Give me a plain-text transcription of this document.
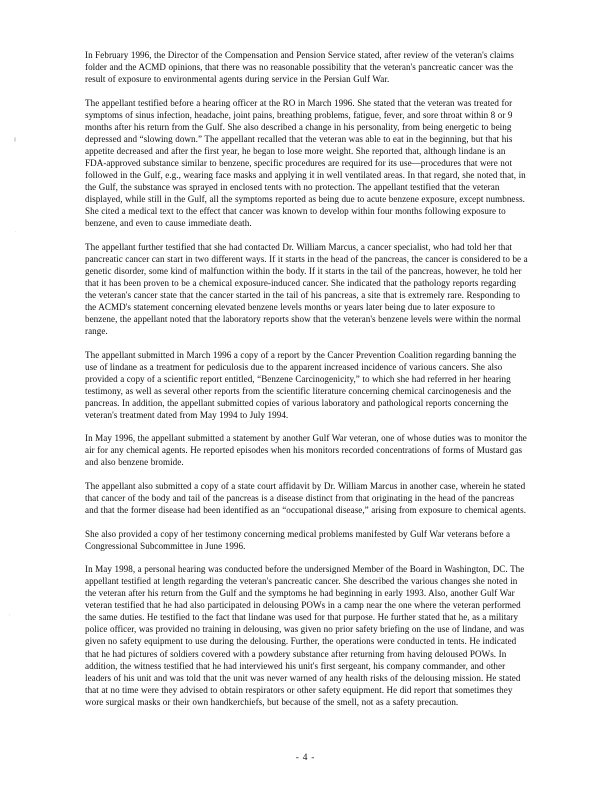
In February 1996, the Director of the Compensation and Pension Service stated, after review of the veteran's claims folder and the ACMD opinions, that there was no reasonable possibility that the veteran's pancreatic cancer was the result of exposure to environmental agents during service in the Persian Gulf War.

The appellant testified before a hearing officer at the RO in March 1996. She stated that the veteran was treated for symptoms of sinus infection, headache, joint pains, breathing problems, fatigue, fever, and sore throat within 8 or 9 months after his return from the Gulf. She also described a change in his personality, from being energetic to being depressed and “slowing down.” The appellant recalled that the veteran was able to eat in the beginning, but that his appetite decreased and after the first year, he began to lose more weight. She reported that, although lindane is an FDA-approved substance similar to benzene, specific procedures are required for its use—procedures that were not followed in the Gulf, e.g., wearing face masks and applying it in well ventilated areas. In that regard, she noted that, in the Gulf, the substance was sprayed in enclosed tents with no protection. The appellant testified that the veteran displayed, while still in the Gulf, all the symptoms reported as being due to acute benzene exposure, except numbness. She cited a medical text to the effect that cancer was known to develop within four months following exposure to benzene, and even to cause immediate death.

The appellant further testified that she had contacted Dr. William Marcus, a cancer specialist, who had told her that pancreatic cancer can start in two different ways. If it starts in the head of the pancreas, the cancer is considered to be a genetic disorder, some kind of malfunction within the body. If it starts in the tail of the pancreas, however, he told her that it has been proven to be a chemical exposure-induced cancer. She indicated that the pathology reports regarding the veteran's cancer state that the cancer started in the tail of his pancreas, a site that is extremely rare. Responding to the ACMD's statement concerning elevated benzene levels months or years later being due to later exposure to benzene, the appellant noted that the laboratory reports show that the veteran's benzene levels were within the normal range.

The appellant submitted in March 1996 a copy of a report by the Cancer Prevention Coalition regarding banning the use of lindane as a treatment for pediculosis due to the apparent increased incidence of various cancers. She also provided a copy of a scientific report entitled, “Benzene Carcinogenicity,” to which she had referred in her hearing testimony, as well as several other reports from the scientific literature concerning chemical carcinogenesis and the pancreas. In addition, the appellant submitted copies of various laboratory and pathological reports concerning the veteran's treatment dated from May 1994 to July 1994.

In May 1996, the appellant submitted a statement by another Gulf War veteran, one of whose duties was to monitor the air for any chemical agents. He reported episodes when his monitors recorded concentrations of forms of Mustard gas and also benzene bromide.

The appellant also submitted a copy of a state court affidavit by Dr. William Marcus in another case, wherein he stated that cancer of the body and tail of the pancreas is a disease distinct from that originating in the head of the pancreas and that the former disease had been identified as an “occupational disease,” arising from exposure to chemical agents.

She also provided a copy of her testimony concerning medical problems manifested by Gulf War veterans before a Congressional Subcommittee in June 1996.

In May 1998, a personal hearing was conducted before the undersigned Member of the Board in Washington, DC. The appellant testified at length regarding the veteran's pancreatic cancer. She described the various changes she noted in the veteran after his return from the Gulf and the symptoms he had beginning in early 1993. Also, another Gulf War veteran testified that he had also participated in delousing POWs in a camp near the one where the veteran performed the same duties. He testified to the fact that lindane was used for that purpose. He further stated that he, as a military police officer, was provided no training in delousing, was given no prior safety briefing on the use of lindane, and was given no safety equipment to use during the delousing. Further, the operations were conducted in tents. He indicated that he had pictures of soldiers covered with a powdery substance after returning from having deloused POWs. In addition, the witness testified that he had interviewed his unit's first sergeant, his company commander, and other leaders of his unit and was told that the unit was never warned of any health risks of the delousing mission. He stated that at no time were they advised to obtain respirators or other safety equipment. He did report that sometimes they wore surgical masks or their own handkerchiefs, but because of the smell, not as a safety precaution.

- 4 -
